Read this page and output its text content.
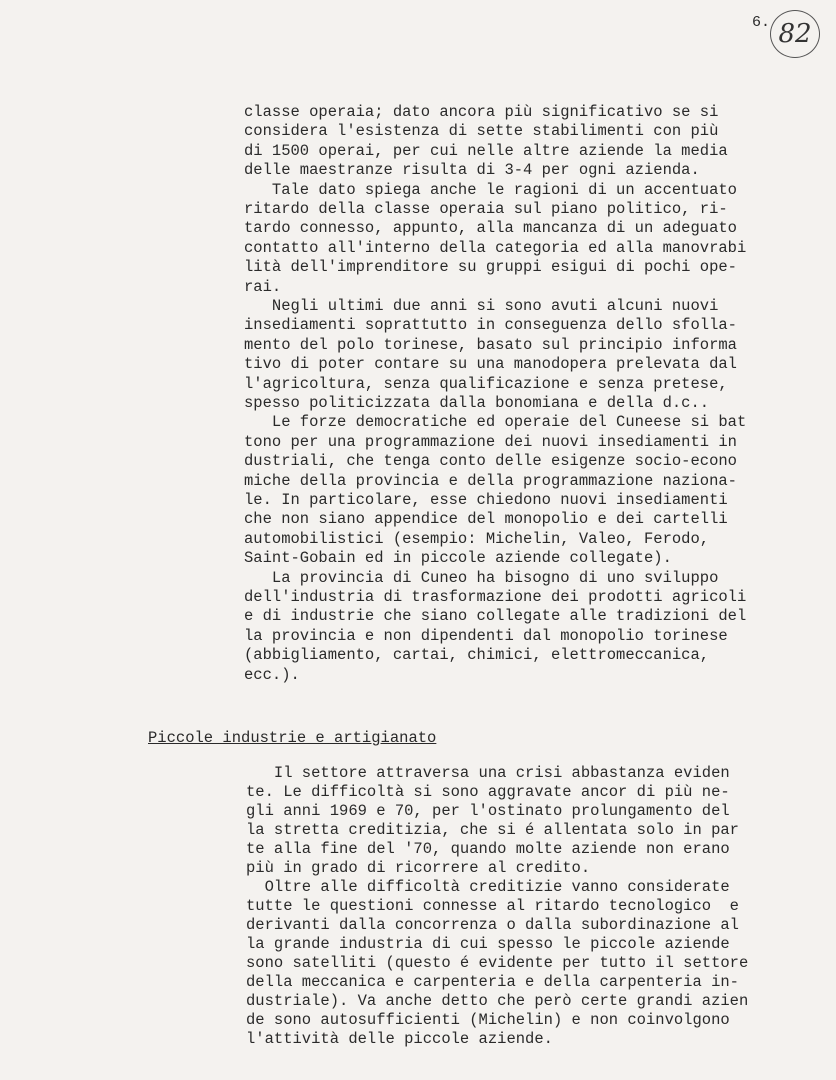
6. 82
classe operaia; dato ancora più significativo se si
considera l'esistenza di sette stabilimenti con più
di 1500 operai, per cui nelle altre aziende la media
delle maestranze risulta di 3-4 per ogni azienda.
Tale dato spiega anche le ragioni di un accentuato
ritardo della classe operaia sul piano politico, ri-
tardo connesso, appunto, alla mancanza di un adeguato
contatto all'interno della categoria ed alla manovrabi
lità dell'imprenditore su gruppi esigui di pochi ope-
rai.
Negli ultimi due anni si sono avuti alcuni nuovi
insediamenti soprattutto in conseguenza dello sfolla-
mento del polo torinese, basato sul principio informa
tivo di poter contare su una manodopera prelevata dal
l'agricoltura, senza qualificazione e senza pretese,
spesso politicizzata dalla bonomiana e della d.c..
Le forze democratiche ed operaie del Cuneese si bat
tono per una programmazione dei nuovi insediamenti in
dustriali, che tenga conto delle esigenze socio-econo
miche della provincia e della programmazione naziona-
le. In particolare, esse chiedono nuovi insediamenti
che non siano appendice del monopolio e dei cartelli
automobilistici (esempio: Michelin, Valeo, Ferodo,
Saint-Gobain ed in piccole aziende collegate).
La provincia di Cuneo ha bisogno di uno sviluppo
dell'industria di trasformazione dei prodotti agricoli
e di industrie che siano collegate alle tradizioni del
la provincia e non dipendenti dal monopolio torinese
(abbigliamento, cartai, chimici, elettromeccanica,
ecc.).
Piccole industrie e artigianato
Il settore attraversa una crisi abbastanza eviden
te. Le difficoltà si sono aggravate ancor di più ne-
gli anni 1969 e 70, per l'ostinato prolungamento del
la stretta creditizia, che si é allentata solo in par
te alla fine del '70, quando molte aziende non erano
più in grado di ricorrere al credito.
Oltre alle difficoltà creditizie vanno considerate
tutte le questioni connesse al ritardo tecnologico  e
derivanti dalla concorrenza o dalla subordinazione al
la grande industria di cui spesso le piccole aziende
sono satelliti (questo é evidente per tutto il settore
della meccanica e carpenteria e della carpenteria in-
dustriale). Va anche detto che però certe grandi azien
de sono autosufficienti (Michelin) e non coinvolgono
l'attività delle piccole aziende.
